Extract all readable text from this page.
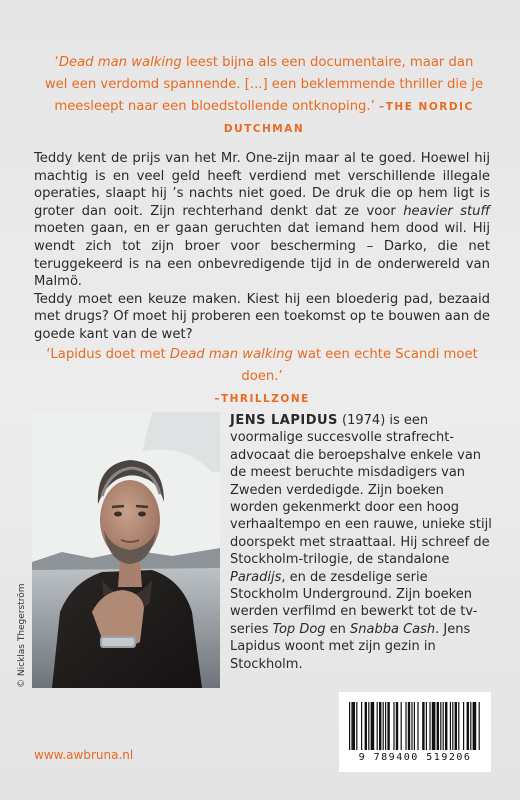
‘Dead man walking leest bijna als een documentaire, maar dan wel een verdomd spannende. [...] een beklemmende thriller die je meesleept naar een bloedstollende ontknoping.’ –THE NORDIC DUTCHMAN

Teddy kent de prijs van het Mr. One-zijn maar al te goed. Hoewel hij machtig is en veel geld heeft verdiend met verschillende illegale operaties, slaapt hij ’s nachts niet goed. De druk die op hem ligt is groter dan ooit. Zijn rechterhand denkt dat ze voor heavier stuff moeten gaan, en er gaan geruchten dat iemand hem dood wil. Hij wendt zich tot zijn broer voor bescherming – Darko, die net teruggekeerd is na een onbevredigende tijd in de onderwereld van Malmö.

Teddy moet een keuze maken. Kiest hij een bloederig pad, bezaaid met drugs? Of moet hij proberen een toekomst op te bouwen aan de goede kant van de wet?

‘Lapidus doet met Dead man walking wat een echte Scandi moet doen.’
–THRILLZONE
© Nicklas Thegerström

JENS LAPIDUS (1974) is een voormalige succesvolle strafrecht-advocaat die beroepshalve enkele van de meest beruchte misdadigers van Zweden verdedigde. Zijn boeken worden gekenmerkt door een hoog verhaaltempo en een rauwe, unieke stijl doorspekt met straattaal. Hij schreef de Stockholm-trilogie, de standalone Paradijs, en de zesdelige serie Stockholm Underground. Zijn boeken werden verfilmd en bewerkt tot de tv-series Top Dog en Snabba Cash. Jens Lapidus woont met zijn gezin in Stockholm.

9 789400 519206
www.awbruna.nl
